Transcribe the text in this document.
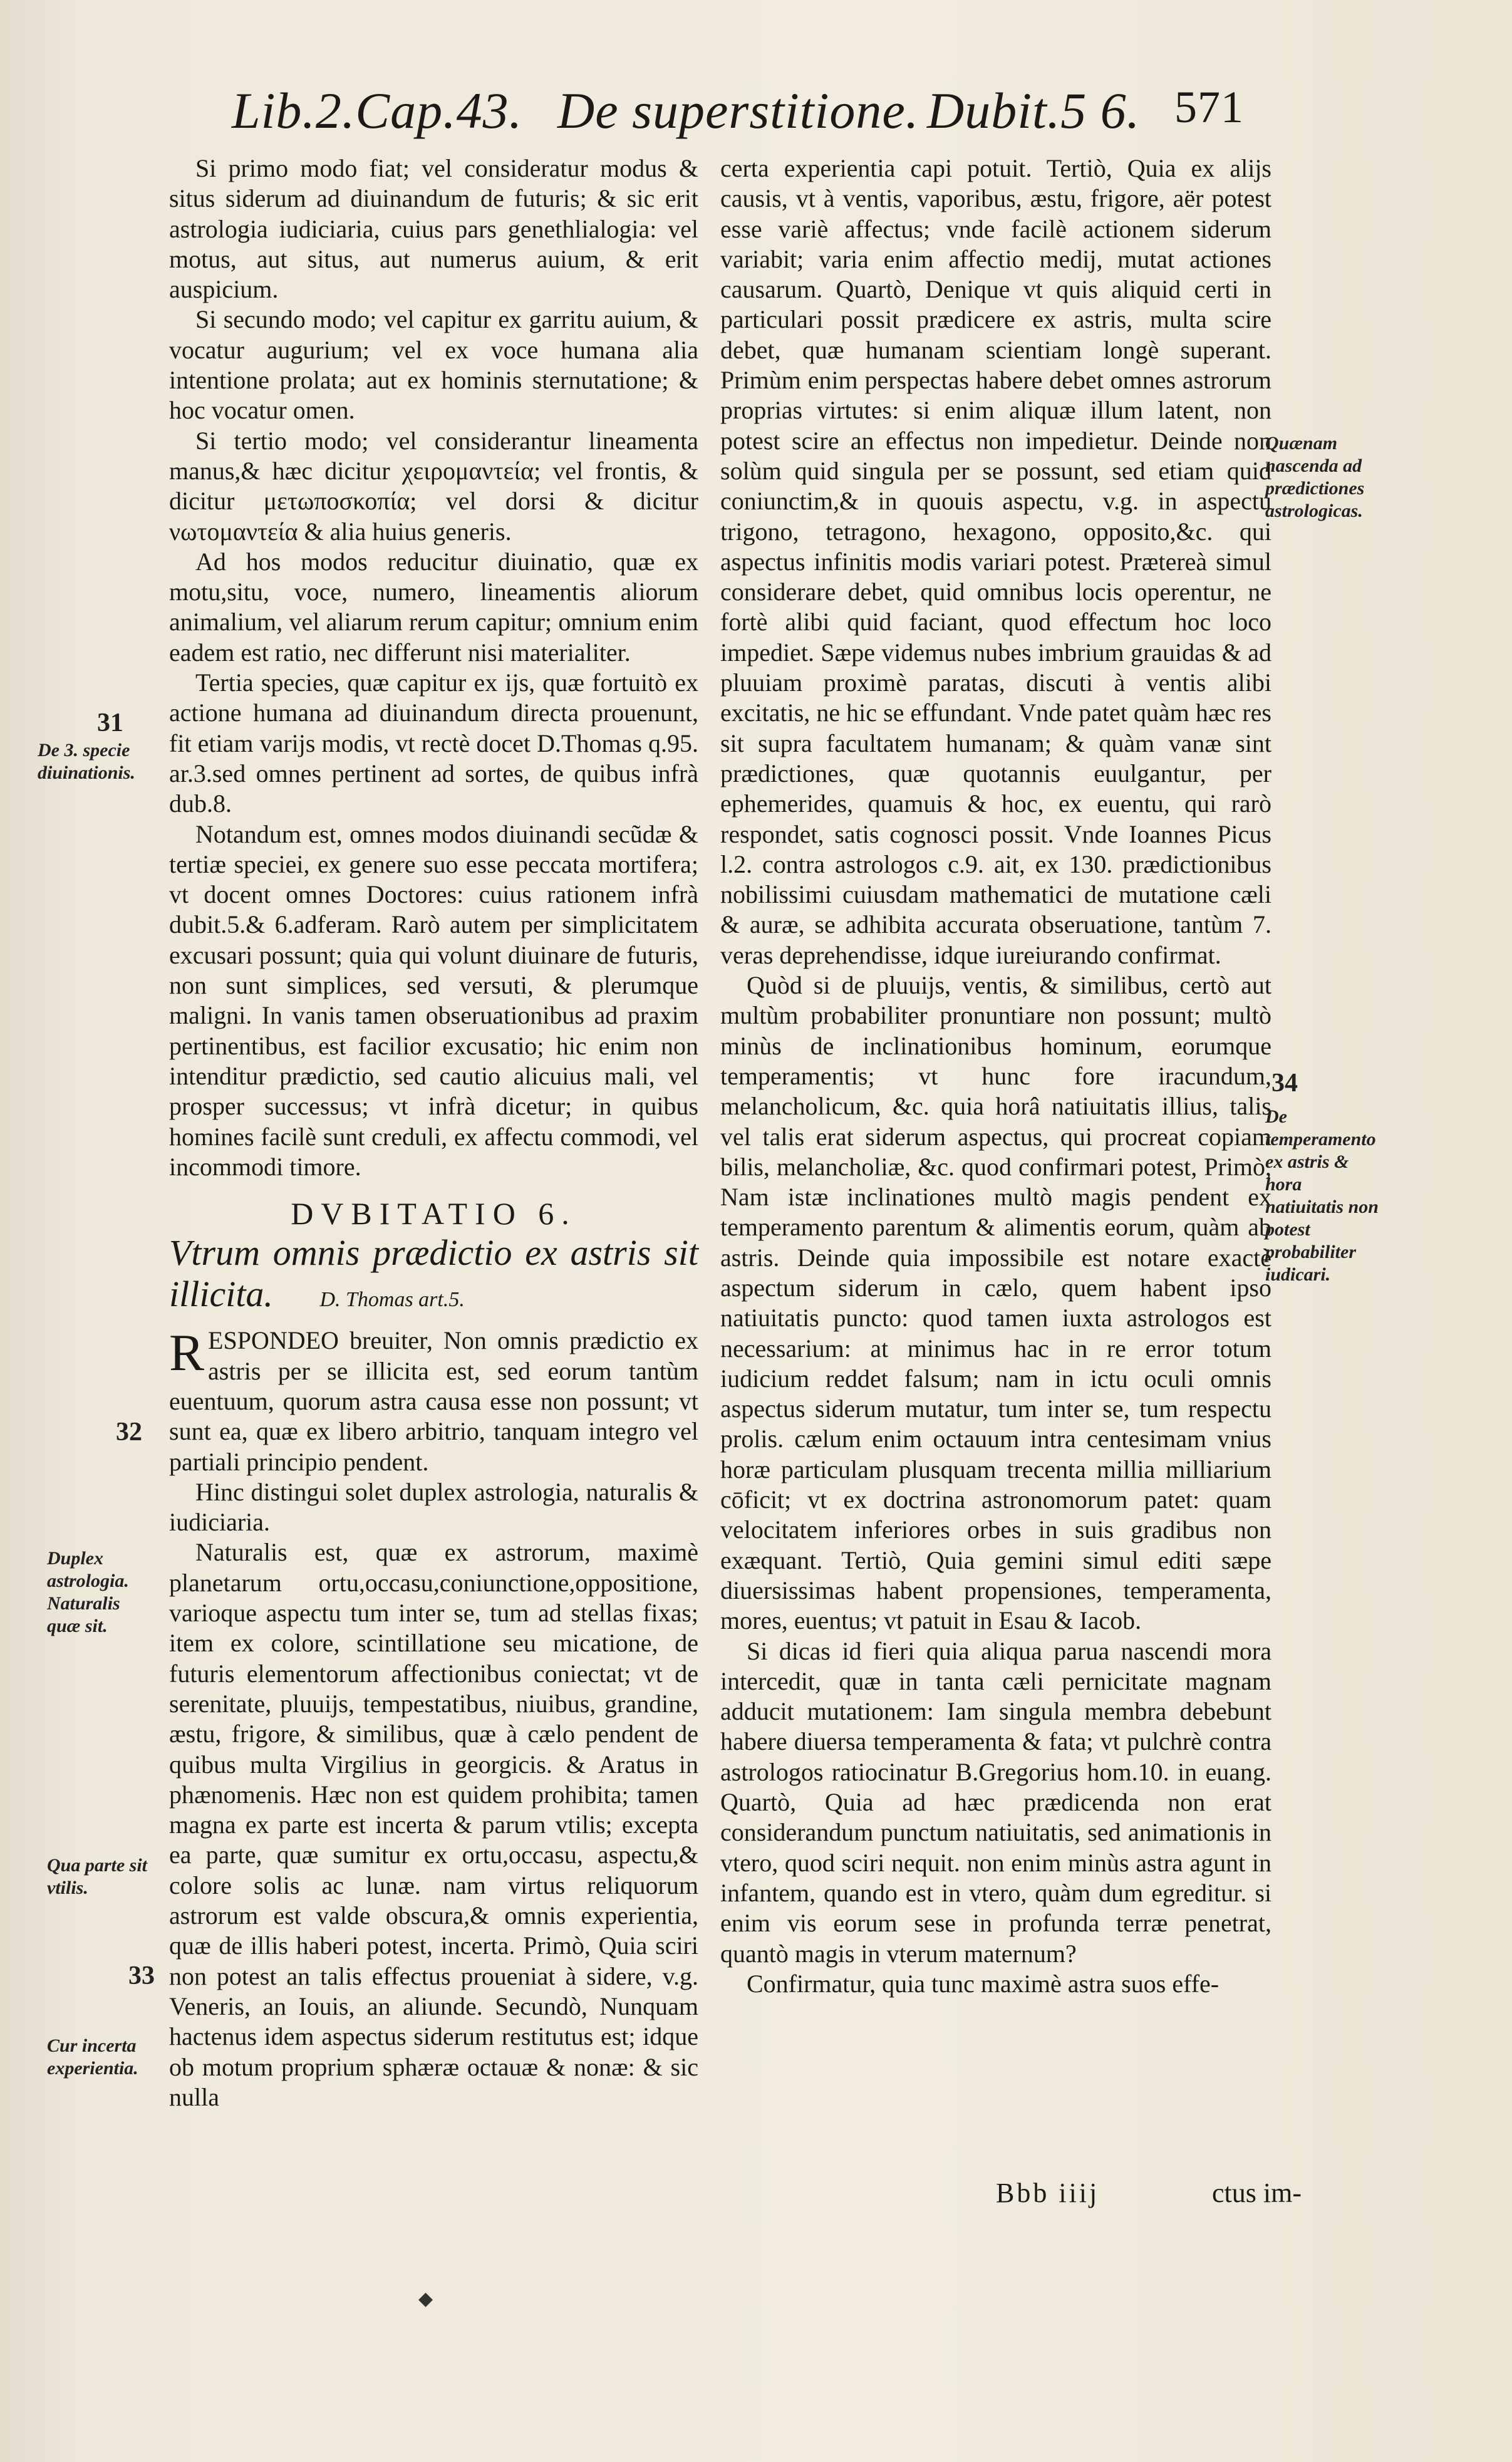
Lib.2.Cap.43. De superstitione. Dubit.5 6. 571

Si primo modo fiat; vel consideratur modus & situs siderum ad diuinandum de futuris; & sic erit astrologia iudiciaria, cuius pars genethlialogia: vel motus, aut situs, aut numerus auium, & erit auspicium.

Si secundo modo; vel capitur ex garritu auium, & vocatur augurium; vel ex voce humana alia intentione prolata; aut ex hominis sternutatione; & hoc vocatur omen.

Si tertio modo; vel considerantur lineamenta manus,& hæc dicitur χειρομαντεία; vel frontis, & dicitur μετωποσκοπία; vel dorsi & dicitur νωτομαντεία & alia huius generis.

Ad hos modos reducitur diuinatio, quæ ex motu,situ, voce, numero, lineamentis aliorum animalium, vel aliarum rerum capitur; omnium enim eadem est ratio, nec differunt nisi materialiter.

Tertia species, quæ capitur ex ijs, quæ fortuitò ex actione humana ad diuinandum directa prouenunt, fit etiam varijs modis, vt rectè docet D.Thomas q.95. ar.3.sed omnes pertinent ad sortes, de quibus infrà dub.8.

Notandum est, omnes modos diuinandi secũdæ & tertiæ speciei, ex genere suo esse peccata mortifera; vt docent omnes Doctores: cuius rationem infrà dubit.5.& 6.adferam. Rarò autem per simplicitatem excusari possunt; quia qui volunt diuinare de futuris, non sunt simplices, sed versuti, & plerumque maligni. In vanis tamen obseruationibus ad praxim pertinentibus, est facilior excusatio; hic enim non intenditur prædictio, sed cautio alicuius mali, vel prosper successus; vt infrà dicetur; in quibus homines facilè sunt creduli, ex affectu commodi, vel incommodi timore.

DVBITATIO 6.
Vtrum omnis prædictio ex astris sit illicita. D. Thomas art.5.

RESPONDEO breuiter, Non omnis prædictio ex astris per se illicita est, sed eorum tantùm euentuum, quorum astra causa esse non possunt; vt sunt ea, quæ ex libero arbitrio, tanquam integro vel partiali principio pendent.

Hinc distingui solet duplex astrologia, naturalis & iudiciaria.

Naturalis est, quæ ex astrorum, maximè planetarum ortu,occasu,coniunctione,oppositione, varioque aspectu tum inter se, tum ad stellas fixas; item ex colore, scintillatione seu micatione, de futuris elementorum affectionibus coniectat; vt de serenitate, pluuijs, tempestatibus, niuibus, grandine, æstu, frigore, & similibus, quæ à cælo pendent de quibus multa Virgilius in georgicis. & Aratus in phænomenis. Hæc non est quidem prohibita; tamen magna ex parte est incerta & parum vtilis; excepta ea parte, quæ sumitur ex ortu,occasu, aspectu,& colore solis ac lunæ. nam virtus reliquorum astrorum est valde obscura,& omnis experientia, quæ de illis haberi potest, incerta. Primò, Quia sciri non potest an talis effectus proueniat à sidere, v.g. Veneris, an Iouis, an aliunde. Secundò, Nunquam hactenus idem aspectus siderum restitutus est; idque ob motum proprium sphæræ octauæ & nonæ: & sic nulla

certa experientia capi potuit. Tertiò, Quia ex alijs causis, vt à ventis, vaporibus, æstu, frigore, aër potest esse variè affectus; vnde facilè actionem siderum variabit; varia enim affectio medij, mutat actiones causarum. Quartò, Denique vt quis aliquid certi in particulari possit prædicere ex astris, multa scire debet, quæ humanam scientiam longè superant. Primùm enim perspectas habere debet omnes astrorum proprias virtutes: si enim aliquæ illum latent, non potest scire an effectus non impedietur. Deinde non solùm quid singula per se possunt, sed etiam quid coniunctim,& in quouis aspectu, v.g. in aspectu trigono, tetragono, hexagono, opposito,&c. qui aspectus infinitis modis variari potest. Prætereà simul considerare debet, quid omnibus locis operentur, ne fortè alibi quid faciant, quod effectum hoc loco impediet. Sæpe videmus nubes imbrium grauidas & ad pluuiam proximè paratas, discuti à ventis alibi excitatis, ne hic se effundant. Vnde patet quàm hæc res sit supra facultatem humanam; & quàm vanæ sint prædictiones, quæ quotannis euulgantur, per ephemerides, quamuis & hoc, ex euentu, qui rarò respondet, satis cognosci possit. Vnde Ioannes Picus l.2. contra astrologos c.9. ait, ex 130. prædictionibus nobilissimi cuiusdam mathematici de mutatione cæli & auræ, se adhibita accurata obseruatione, tantùm 7. veras deprehendisse, idque iureiurando confirmat.

Quòd si de pluuijs, ventis, & similibus, certò aut multùm probabiliter pronuntiare non possunt; multò minùs de inclinationibus hominum, eorumque temperamentis; vt hunc fore iracundum, melancholicum, &c. quia horâ natiuitatis illius, talis vel talis erat siderum aspectus, qui procreat copiam bilis, melancholiæ, &c. quod confirmari potest, Primò, Nam istæ inclinationes multò magis pendent ex temperamento parentum & alimentis eorum, quàm ab astris. Deinde quia impossibile est notare exactè aspectum siderum in cælo, quem habent ipso natiuitatis puncto: quod tamen iuxta astrologos est necessarium: at minimus hac in re error totum iudicium reddet falsum; nam in ictu oculi omnis aspectus siderum mutatur, tum inter se, tum respectu prolis. cælum enim octauum intra centesimam vnius horæ particulam plusquam trecenta millia milliarium cōficit; vt ex doctrina astronomorum patet: quam velocitatem inferiores orbes in suis gradibus non exæquant. Tertiò, Quia gemini simul editi sæpe diuersissimas habent propensiones, temperamenta, mores, euentus; vt patuit in Esau & Iacob.

Si dicas id fieri quia aliqua parua nascendi mora intercedit, quæ in tanta cæli pernicitate magnam adducit mutationem: Iam singula membra debebunt habere diuersa temperamenta & fata; vt pulchrè contra astrologos ratiocinatur B.Gregorius hom.10. in euang. Quartò, Quia ad hæc prædicenda non erat considerandum punctum natiuitatis, sed animationis in vtero, quod sciri nequit. non enim minùs astra agunt in infantem, quando est in vtero, quàm dum egreditur. si enim vis eorum sese in profunda terræ penetrat, quantò magis in vterum maternum?

Confirmatur, quia tunc maximè astra suos effe-

31
De 3. specie diuinationis.
32
Duplex astrologia. Naturalis quæ sit.
Qua parte sit vtilis.
33
Cur incerta experientia.
Quænam nascenda ad prædictiones astrologicas.
34
De temperamento ex astris & hora natiuitatis non potest probabiliter iudicari.
Bbb iiij	ctus im-
◆
